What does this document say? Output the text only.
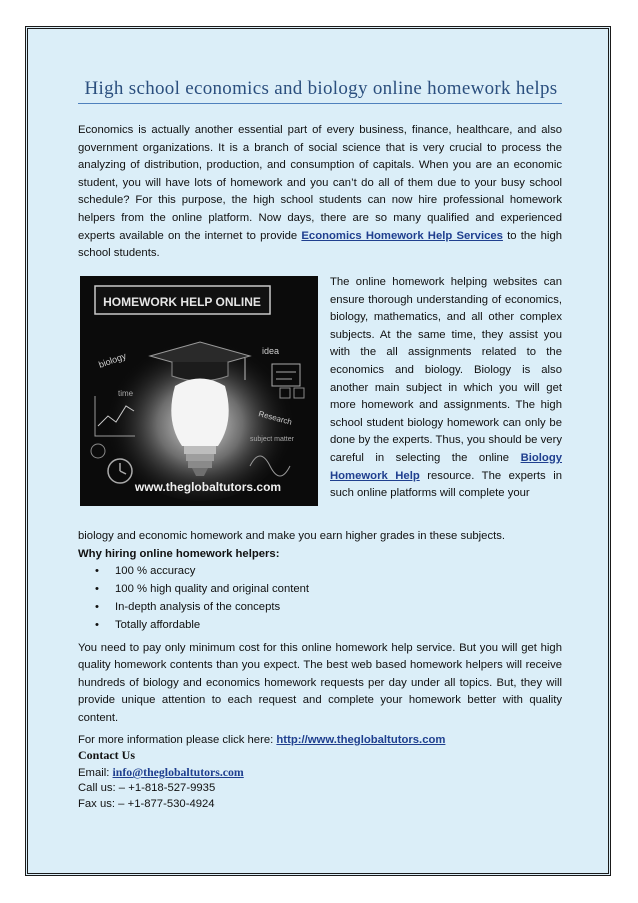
High school economics and biology online homework helps

Economics is actually another essential part of every business, finance, healthcare, and also government organizations. It is a branch of social science that is very crucial to process the analyzing of distribution, production, and consumption of capitals. When you are an economic student, you will have lots of homework and you can’t do all of them due to your busy school schedule? For this purpose, the high school students can now hire professional homework helpers from the online platform. Now days, there are so many qualified and experienced experts available on the internet to provide Economics Homework Help Services to the high school students.

HOMEWORK HELP ONLINE
biology
time
idea
Research
subject matter
www.theglobaltutors.com

The online homework helping websites can ensure thorough understanding of economics, biology, mathematics, and all other complex subjects. At the same time, they assist you with the all assignments related to the economics and biology. Biology is also another main subject in which you will get more homework and assignments. The high school student biology homework can only be done by the experts. Thus, you should be very careful in selecting the online Biology Homework Help resource. The experts in such online platforms will complete your

biology and economic homework and make you earn higher grades in these subjects.

Why hiring online homework helpers:

• 100 % accuracy
• 100 % high quality and original content
• In-depth analysis of the concepts
• Totally affordable

You need to pay only minimum cost for this online homework help service. But you will get high quality homework contents than you expect. The best web based homework helpers will receive hundreds of biology and economics homework requests per day under all topics. But, they will provide unique attention to each request and complete your homework better with quality content.

For more information please click here: http://www.theglobaltutors.com

Contact Us

Email: info@theglobaltutors.com

Call us: – +1-818-527-9935

Fax us: – +1-877-530-4924
